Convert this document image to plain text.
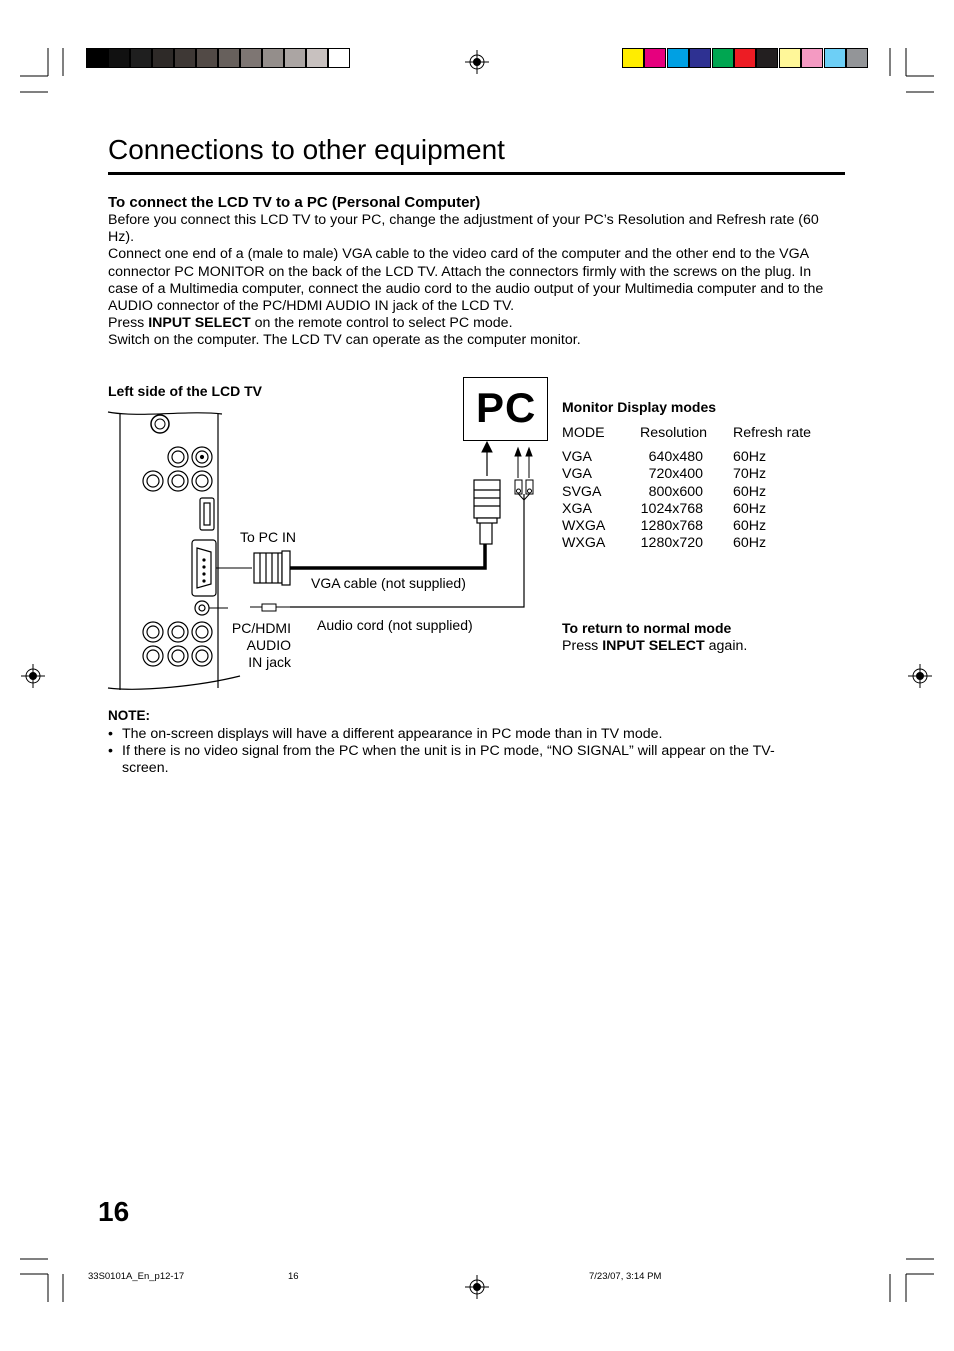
Connections to other equipment
To connect the LCD TV to a PC (Personal Computer)

Before you connect this LCD TV to your PC, change the adjustment of your PC’s Resolution and Refresh rate (60 Hz).

Connect one end of a (male to male) VGA cable to the video card of the computer and the other end to the VGA connector PC MONITOR on the back of the LCD TV. Attach the connectors firmly with the screws on the plug. In case of a Multimedia computer, connect the audio cord to the audio output of your Multimedia computer and to the AUDIO connector of the PC/HDMI AUDIO IN jack of the LCD TV.

Press INPUT SELECT on the remote control to select PC mode.

Switch on the computer. The LCD TV can operate as the computer monitor.

Left side of the LCD TV	PC
To PC IN
VGA cable (not supplied)
Audio cord (not supplied)
PC/HDMI
AUDIO
IN jack
Monitor Display modes
MODE	Resolution	Refresh rate
VGA	640x480	60Hz
VGA	720x400	70Hz
SVGA	800x600	60Hz
XGA	1024x768	60Hz
WXGA	1280x768	60Hz
WXGA	1280x720	60Hz
To return to normal mode
Press INPUT SELECT again.
NOTE:
• The on-screen displays will have a different appearance in PC mode than in TV mode.
• If there is no video signal from the PC when the unit is in PC mode, “NO SIGNAL” will appear on the TV-screen.
16
33S0101A_En_p12-17	16	7/23/07, 3:14 PM
